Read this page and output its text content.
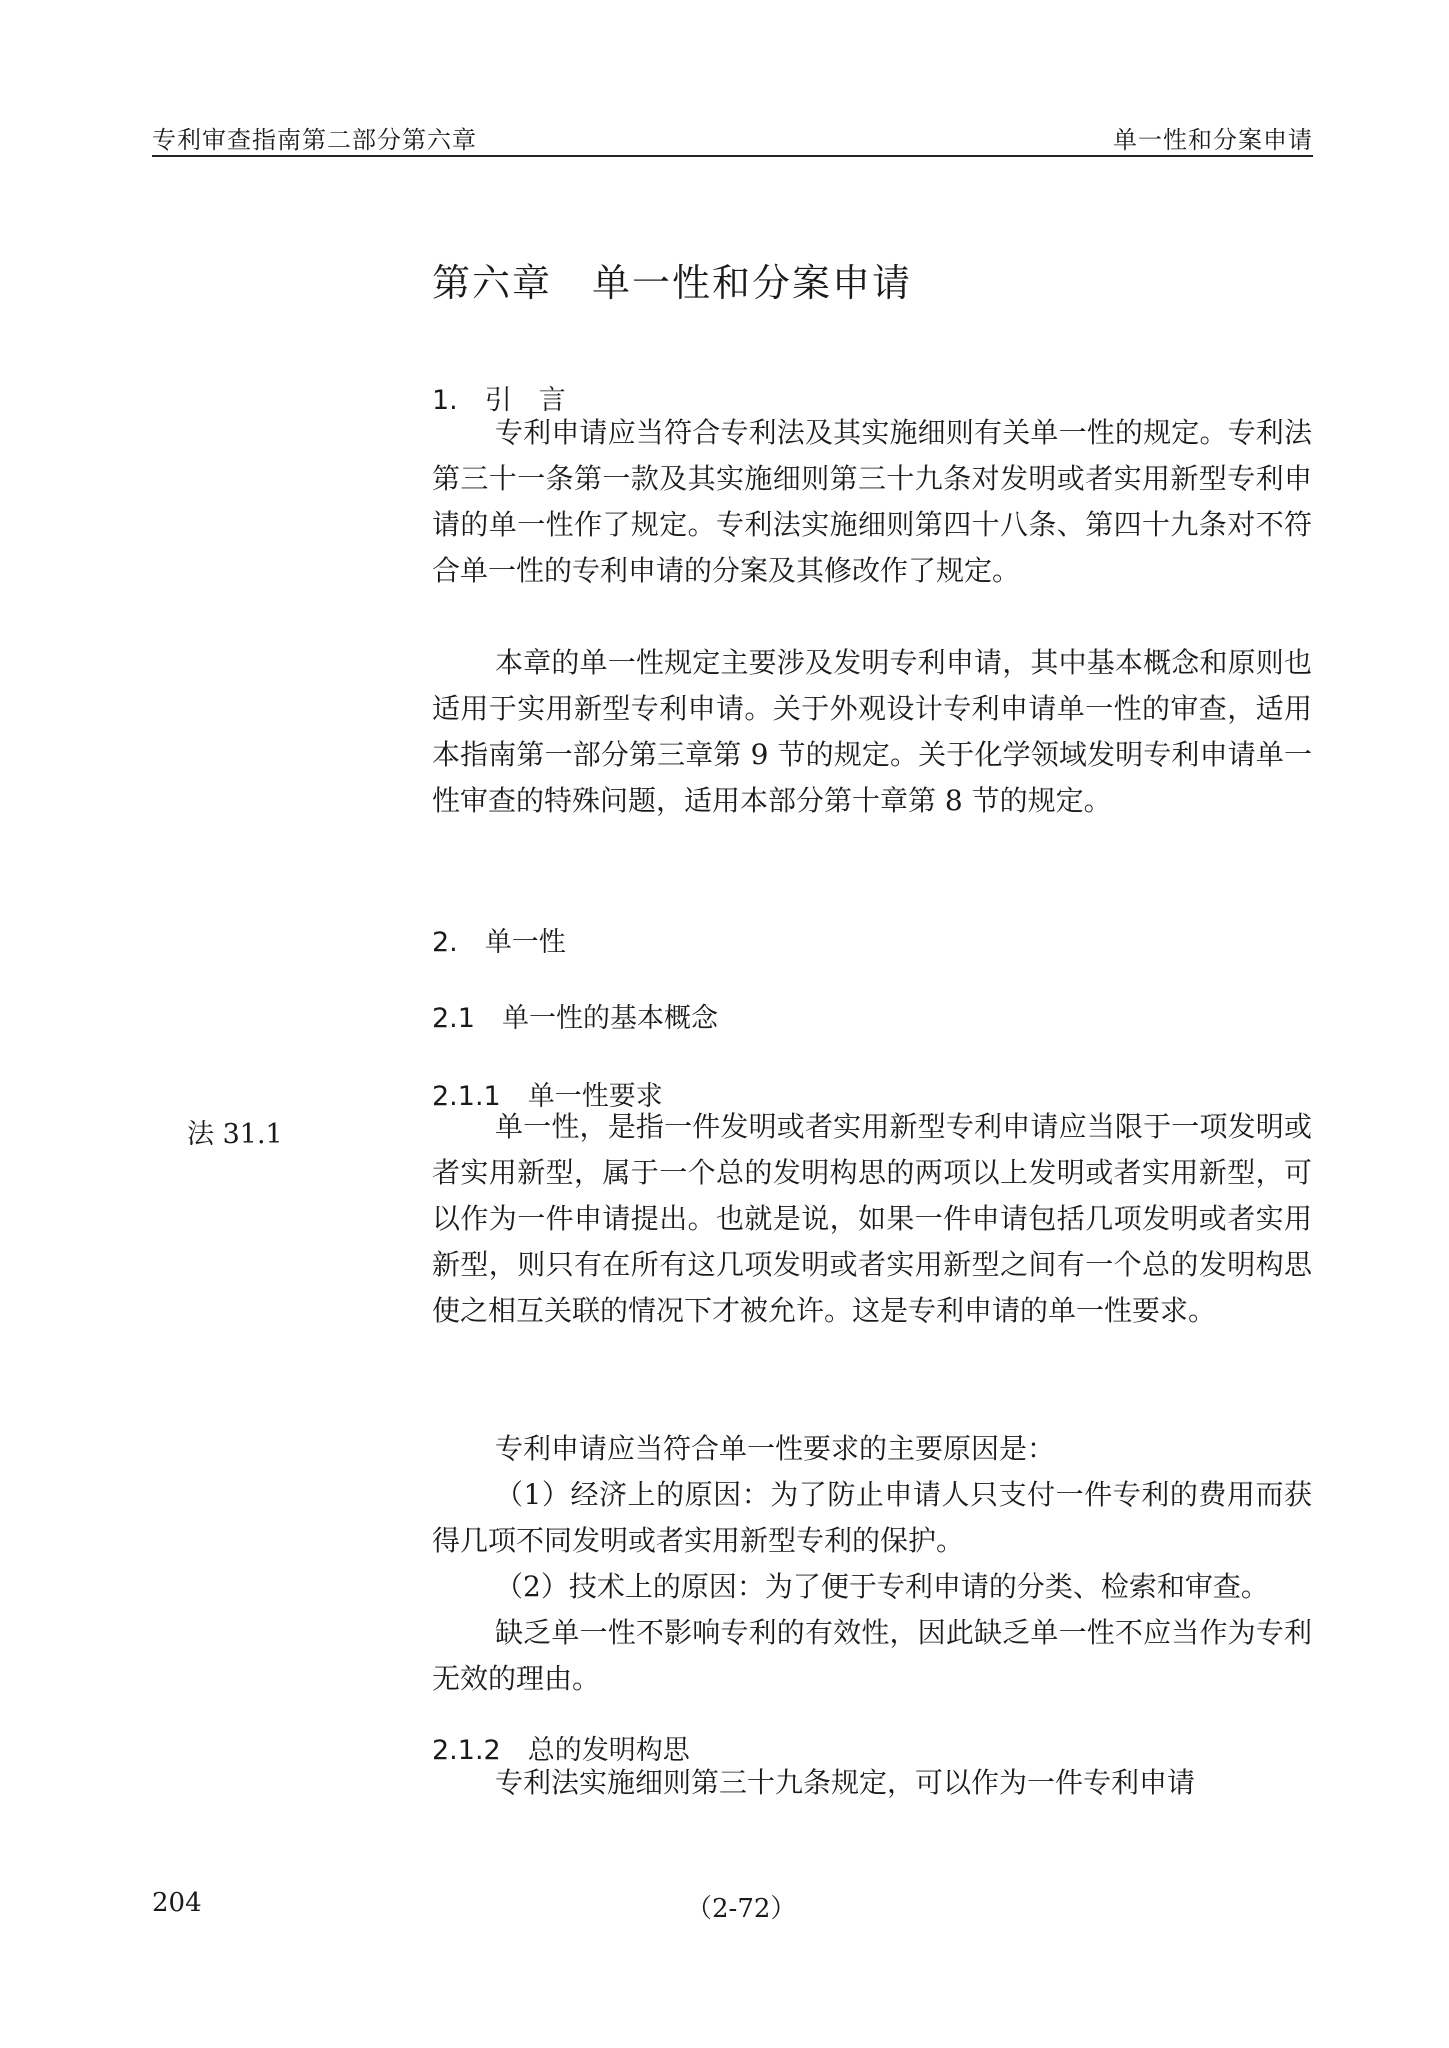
专利审查指南第二部分第六章	单一性和分案申请
第六章　单一性和分案申请
1.　引　言
专利申请应当符合专利法及其实施细则有关单一性的规定。专利法第三十一条第一款及其实施细则第三十九条对发明或者实用新型专利申请的单一性作了规定。专利法实施细则第四十八条、第四十九条对不符合单一性的专利申请的分案及其修改作了规定。
本章的单一性规定主要涉及发明专利申请，其中基本概念和原则也适用于实用新型专利申请。关于外观设计专利申请单一性的审查，适用本指南第一部分第三章第 9 节的规定。关于化学领域发明专利申请单一性审查的特殊问题，适用本部分第十章第 8 节的规定。
2.　单一性
2.1　单一性的基本概念
2.1.1　单一性要求
法 31.1	单一性，是指一件发明或者实用新型专利申请应当限于一项发明或者实用新型，属于一个总的发明构思的两项以上发明或者实用新型，可以作为一件申请提出。也就是说，如果一件申请包括几项发明或者实用新型，则只有在所有这几项发明或者实用新型之间有一个总的发明构思使之相互关联的情况下才被允许。这是专利申请的单一性要求。
专利申请应当符合单一性要求的主要原因是：
（1）经济上的原因：为了防止申请人只支付一件专利的费用而获得几项不同发明或者实用新型专利的保护。
（2）技术上的原因：为了便于专利申请的分类、检索和审查。
缺乏单一性不影响专利的有效性，因此缺乏单一性不应当作为专利无效的理由。
2.1.2　总的发明构思
专利法实施细则第三十九条规定，可以作为一件专利申请
204	（2-72）
